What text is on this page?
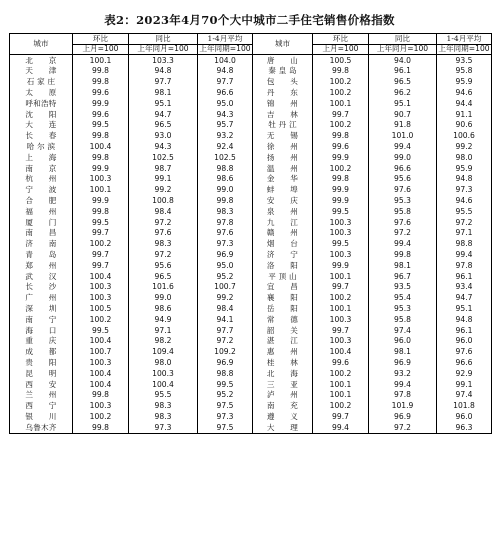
表2：2023年4月70个大中城市二手住宅销售价格指数
城市	环比	同比	1-4月平均	城市	环比	同比	1-4月平均
	上月=100	上年同月=100	上年同期=100		上月=100	上年同月=100	上年同期=100
北　　京	100.1	103.3	104.0	唐　　山	100.5	94.0	93.5
天　　津	99.8	94.8	94.8	秦 皇 岛	99.8	96.1	95.8
石 家 庄	99.8	97.7	97.7	包　　头	100.2	96.5	95.9
太　　原	99.6	98.1	96.6	丹　　东	100.2	96.2	94.6
呼和浩特	99.9	95.1	95.0	锦　　州	100.1	95.1	94.4
沈　　阳	99.6	94.7	94.3	吉　　林	99.7	90.7	91.1
大　　连	99.5	96.5	95.7	牡 丹 江	100.2	91.8	90.6
长　　春	99.8	93.0	93.2	无　　锡	99.8	101.0	100.6
哈 尔 滨	100.4	94.3	92.4	徐　　州	99.6	99.4	99.2
上　　海	99.8	102.5	102.5	扬　　州	99.9	99.0	98.0
南　　京	99.9	98.7	98.8	温　　州	100.2	96.6	95.9
杭　　州	100.3	99.1	98.6	金　　华	99.8	95.6	94.8
宁　　波	100.1	99.2	99.0	蚌　　埠	99.9	97.6	97.3
合　　肥	99.9	100.8	99.8	安　　庆	99.9	95.3	94.6
福　　州	99.8	98.4	98.3	泉　　州	99.5	95.8	95.5
厦　　门	99.5	97.2	97.8	九　　江	100.3	97.6	97.2
南　　昌	99.7	97.6	97.6	赣　　州	100.3	97.2	97.1
济　　南	100.2	98.3	97.3	烟　　台	99.5	99.4	98.8
青　　岛	99.7	97.2	96.9	济　　宁	100.3	99.8	99.4
郑　　州	99.7	95.6	95.0	洛　　阳	99.9	98.1	97.8
武　　汉	100.4	96.5	95.2	平 顶 山	100.1	96.7	96.1
长　　沙	100.3	101.6	100.7	宜　　昌	99.7	93.5	93.4
广　　州	100.3	99.0	99.2	襄　　阳	100.2	95.4	94.7
深　　圳	100.5	98.6	98.4	岳　　阳	100.1	95.3	95.1
南　　宁	100.2	94.9	94.1	常　　德	100.3	95.8	94.8
海　　口	99.5	97.1	97.7	韶　　关	99.7	97.4	96.1
重　　庆	100.4	98.2	97.2	湛　　江	100.3	96.0	96.0
成　　都	100.7	109.4	109.2	惠　　州	100.4	98.1	97.6
贵　　阳	100.3	98.0	96.9	桂　　林	99.6	96.9	96.6
昆　　明	100.4	100.3	98.8	北　　海	100.2	93.2	92.9
西　　安	100.4	100.4	99.5	三　　亚	100.1	99.4	99.1
兰　　州	99.8	95.5	95.2	泸　　州	100.1	97.8	97.4
西　　宁	100.3	98.3	97.5	南　　充	100.2	101.9	101.8
银　　川	100.2	98.3	97.3	遵　　义	99.7	96.9	96.0
乌鲁木齐	99.8	97.3	97.5	大　　理	99.4	97.2	96.3
